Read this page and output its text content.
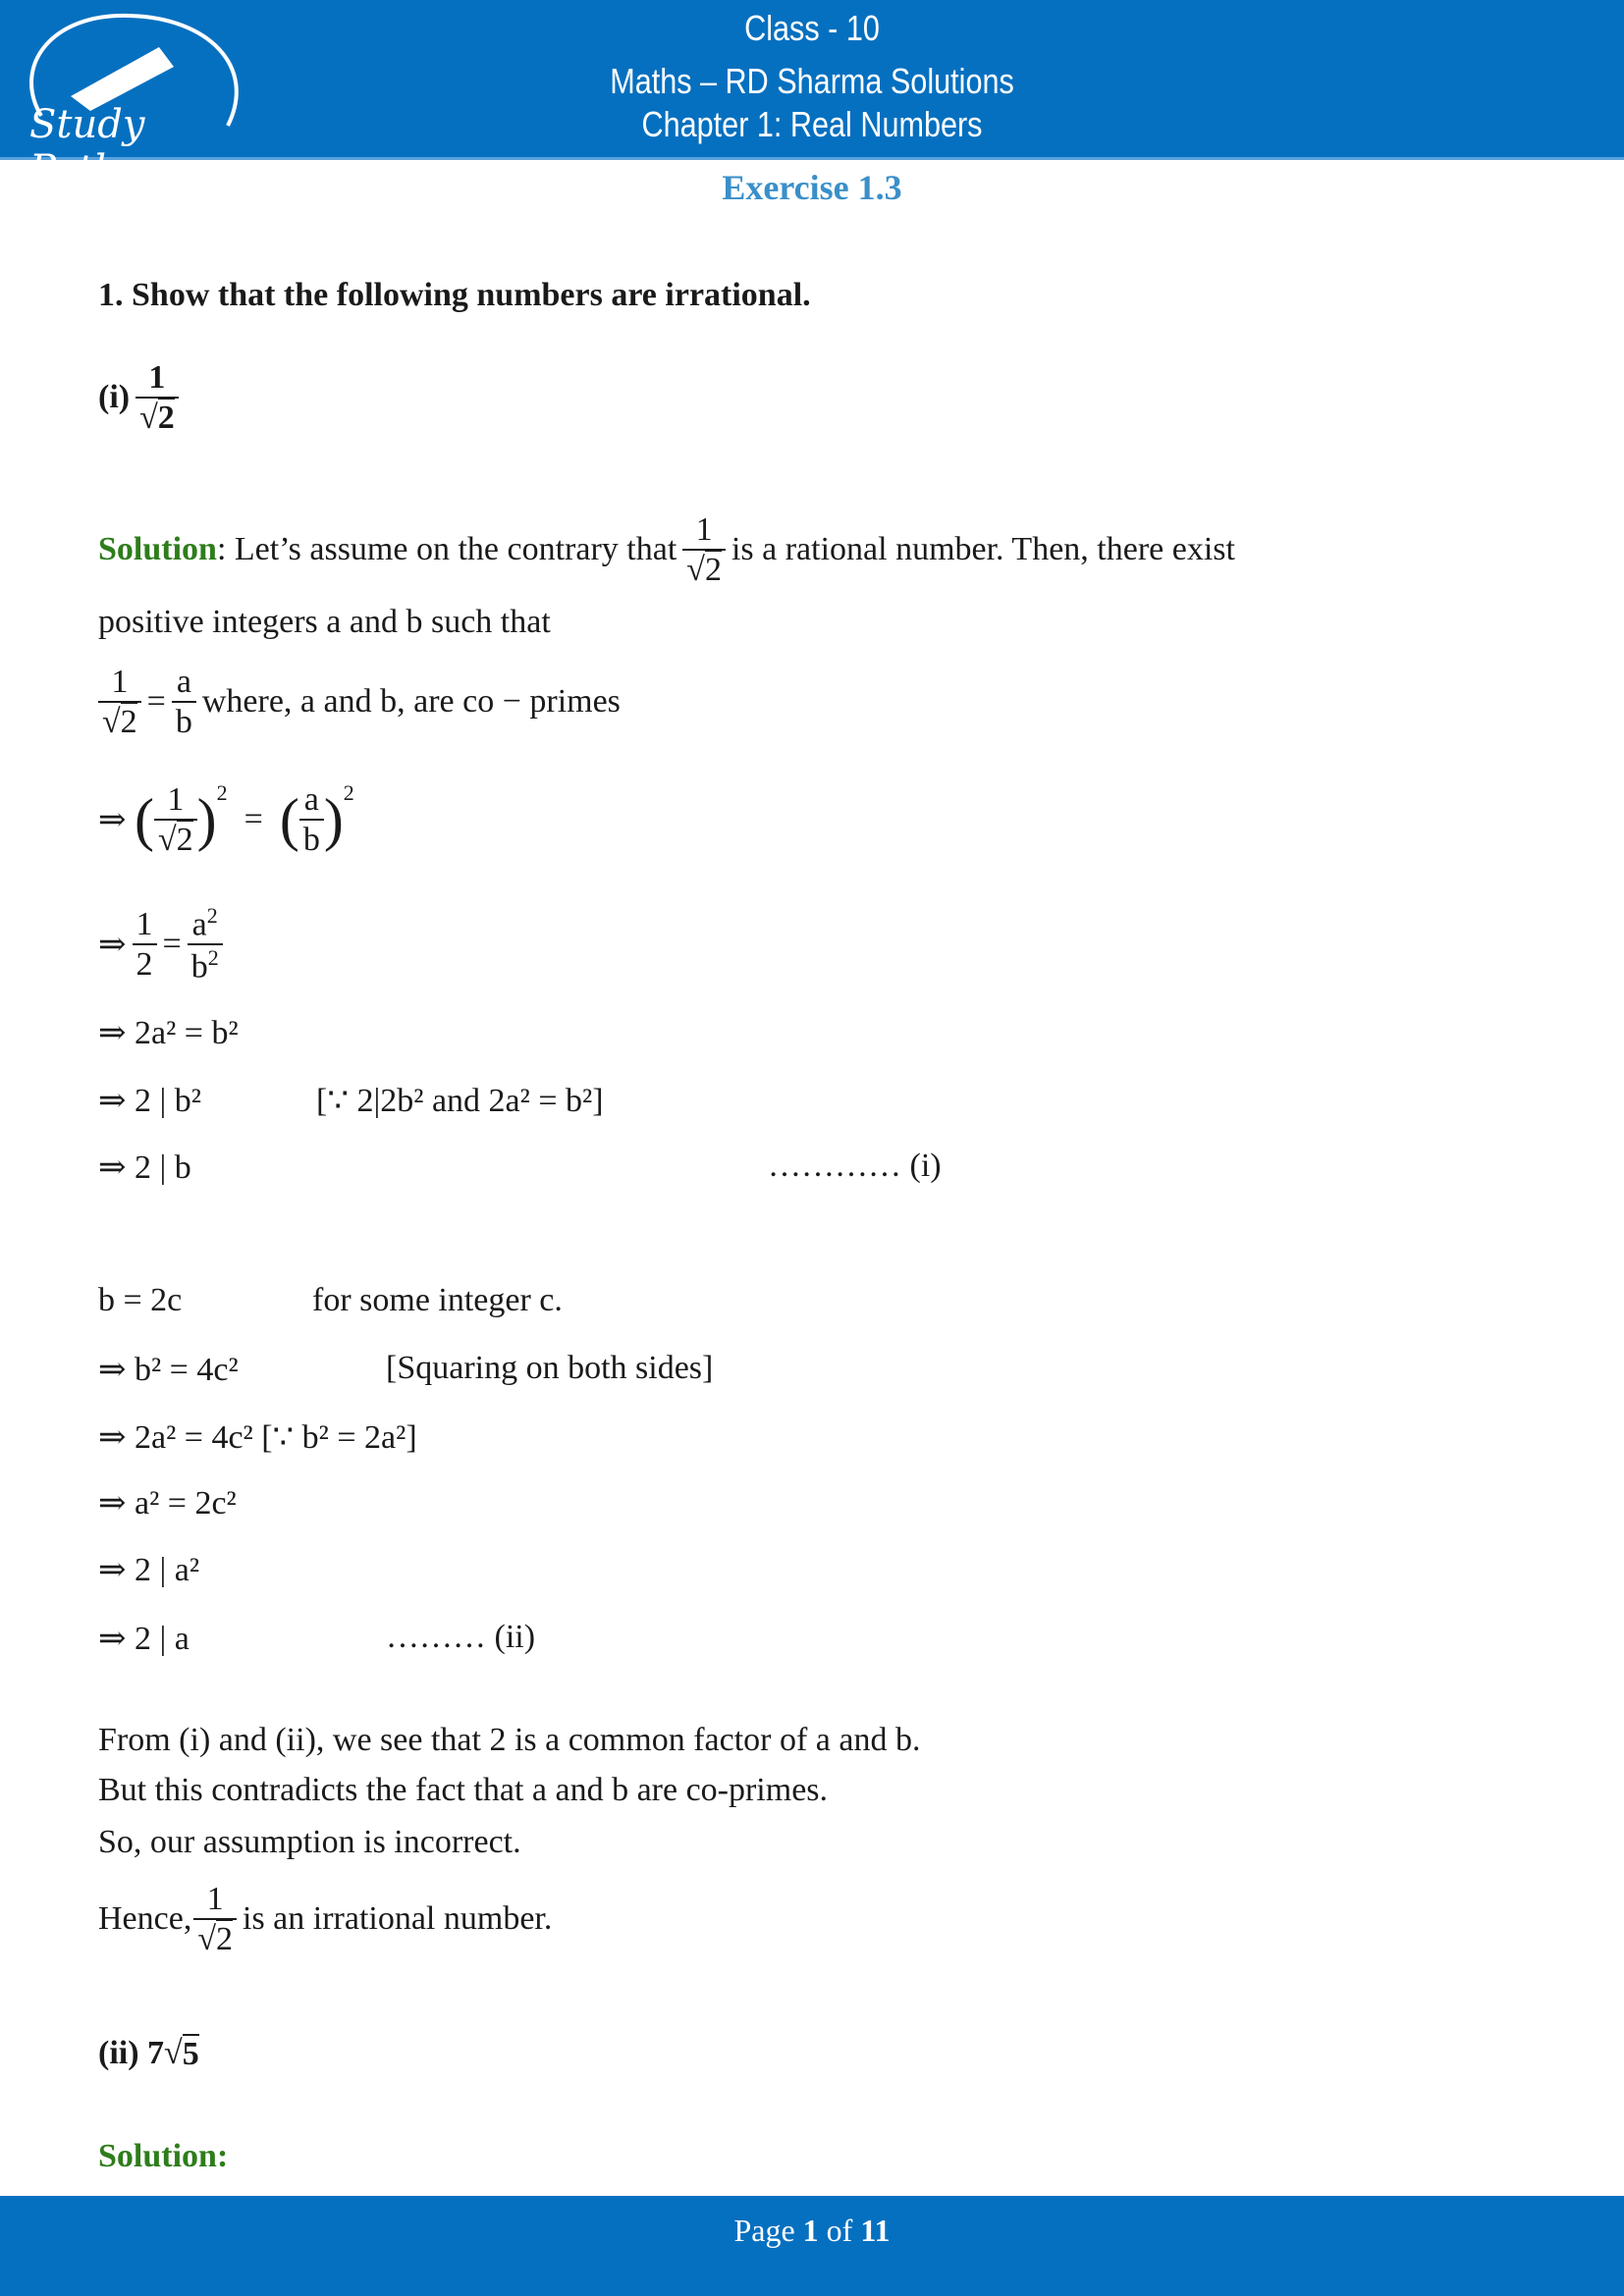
Study Path
Class - 10
Maths – RD Sharma Solutions
Chapter 1: Real Numbers
Exercise 1.3
1. Show that the following numbers are irrational.
$(i) \frac{1}{√2}$
Solution : Let’s assume on the contrary that $\frac{1}{√2}$ is a rational number. Then, there exist
positive integers a and b such that
$\frac{1}{√2} = \frac{a}{b}$ where, a and b, are co − primes
⇒ ( $\frac{1}{√2} )^2$
= ( $\frac{a}{b} )^2$
⇒ $\frac{1}{2} = \frac{a^2}{b^2}$
⇒ 2a² = b²
⇒ 2 | b²	[∵ 2|2b² and 2a² = b²]
⇒ 2 | b	………… (i)
b = 2c	for some integer c.
⇒ b² = 4c²	[Squaring on both sides]
⇒ 2a² = 4c² [∵ b² = 2a²]
⇒ a² = 2c²
⇒ 2 | a²
⇒ 2 | a	……… (ii)
From (i) and (ii), we see that 2 is a common factor of a and b.
But this contradicts the fact that a and b are co-primes.
So, our assumption is incorrect.
Hence, $\frac{1}{√2}$ is an irrational number.
(ii)
7 √ 5
Solution:
Page 1 of 11
